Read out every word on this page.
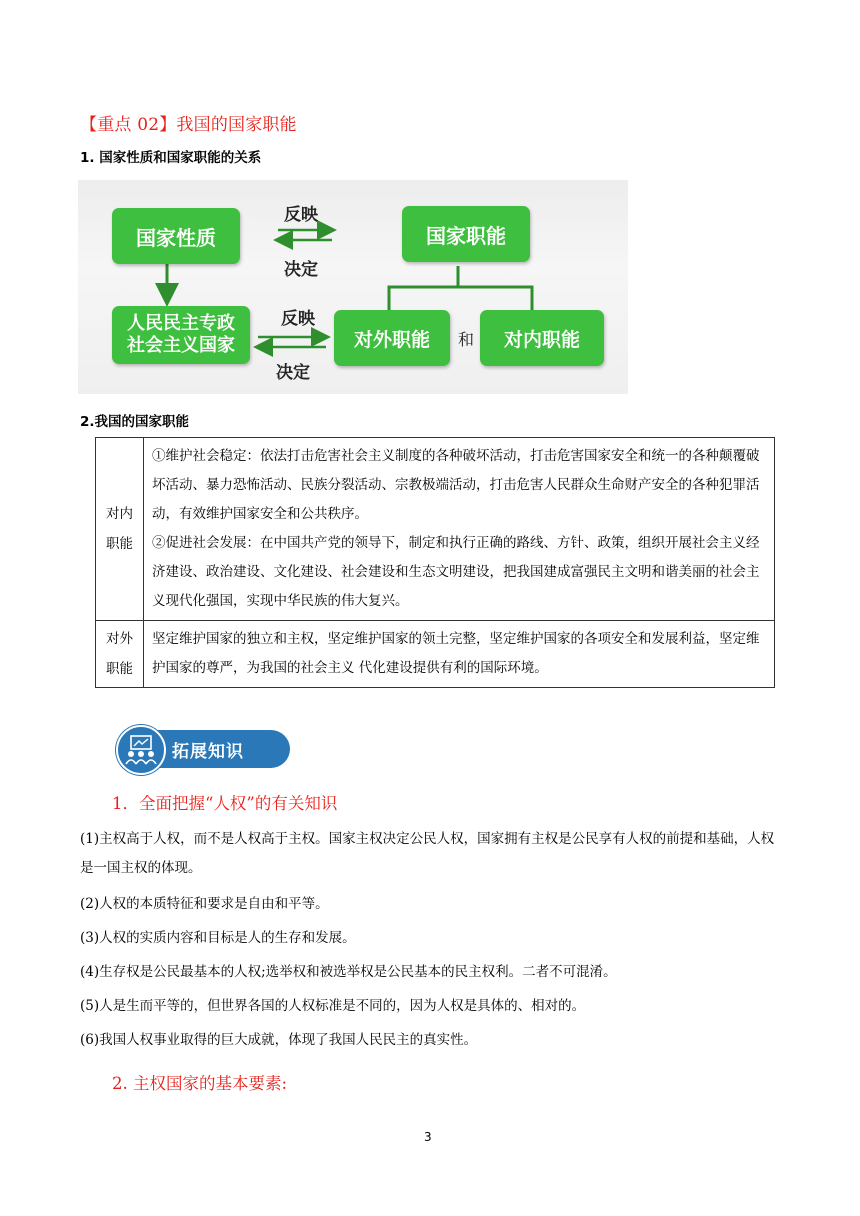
【重点 02】我国的国家职能
1. 国家性质和国家职能的关系
国家性质	国家职能
人民民主专政
社会主义国家	对外职能	对内职能
和
反映
决定
反映
决定
2.我国的国家职能
对内职能	①维护社会稳定：依法打击危害社会主义制度的各种破坏活动，打击危害国家安全和统一的各种颠覆破坏活动、暴力恐怖活动、民族分裂活动、宗教极端活动，打击危害人民群众生命财产安全的各种犯罪活动，有效维护国家安全和公共秩序。

②促进社会发展：在中国共产党的领导下，制定和执行正确的路线、方针、政策，组织开展社会主义经济建设、政治建设、文化建设、社会建设和生态文明建设，把我国建成富强民主文明和谐美丽的社会主义现代化强国，实现中华民族的伟大复兴。

对外职能	坚定维护国家的独立和主权，坚定维护国家的领土完整，坚定维护国家的各项安全和发展利益，坚定维护国家的尊严，为我国的社会主义 代化建设提供有利的国际环境。
拓展知识
1．全面把握“人权”的有关知识
(1)主权高于人权，而不是人权高于主权。国家主权决定公民人权，国家拥有主权是公民享有人权的前提和基础，人权是一国主权的体现。
(2)人权的本质特征和要求是自由和平等。
(3)人权的实质内容和目标是人的生存和发展。
(4)生存权是公民最基本的人权;选举权和被选举权是公民基本的民主权利。二者不可混淆。
(5)人是生而平等的，但世界各国的人权标准是不同的，因为人权是具体的、相对的。
(6)我国人权事业取得的巨大成就，体现了我国人民民主的真实性。
2. 主权国家的基本要素:
3
